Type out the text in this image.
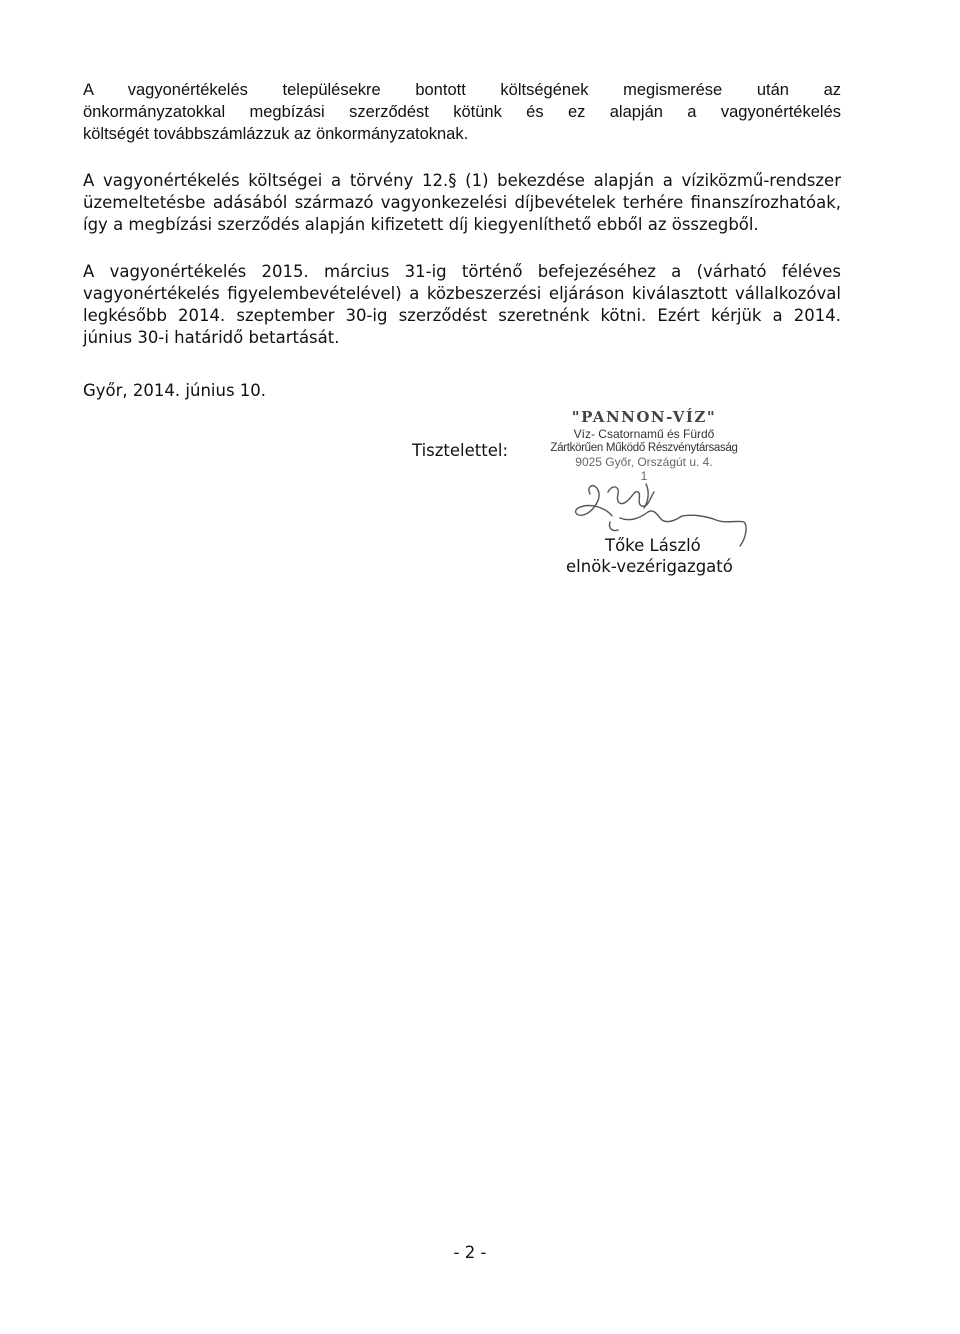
A vagyonértékelés településekre bontott költségének megismerése után az
önkormányzatokkal megbízási szerződést kötünk és ez alapján a vagyonértékelés
költségét továbbszámlázzuk az önkormányzatoknak.
A vagyonértékelés költségei a törvény 12.§ (1) bekezdése alapján a víziközmű-rendszer
üzemeltetésbe adásából származó vagyonkezelési díjbevételek terhére finanszírozhatóak,
így a megbízási szerződés alapján kifizetett díj kiegyenlíthető ebből az összegből.
A vagyonértékelés 2015. március 31-ig történő befejezéséhez a (várható féléves
vagyonértékelés figyelembevételével) a közbeszerzési eljáráson kiválasztott vállalkozóval
legkésőbb 2014. szeptember 30-ig szerződést szeretnénk kötni. Ezért kérjük a 2014.
június 30-i határidő betartását.
Győr, 2014. június 10.
Tisztelettel:
"PANNON-VÍZ"
Víz- Csatornamű és Fürdő
Zártkörűen Működő Részvénytársaság
9025 Győr, Országút u. 4.
1
Tőke László
elnök-vezérigazgató
- 2 -
